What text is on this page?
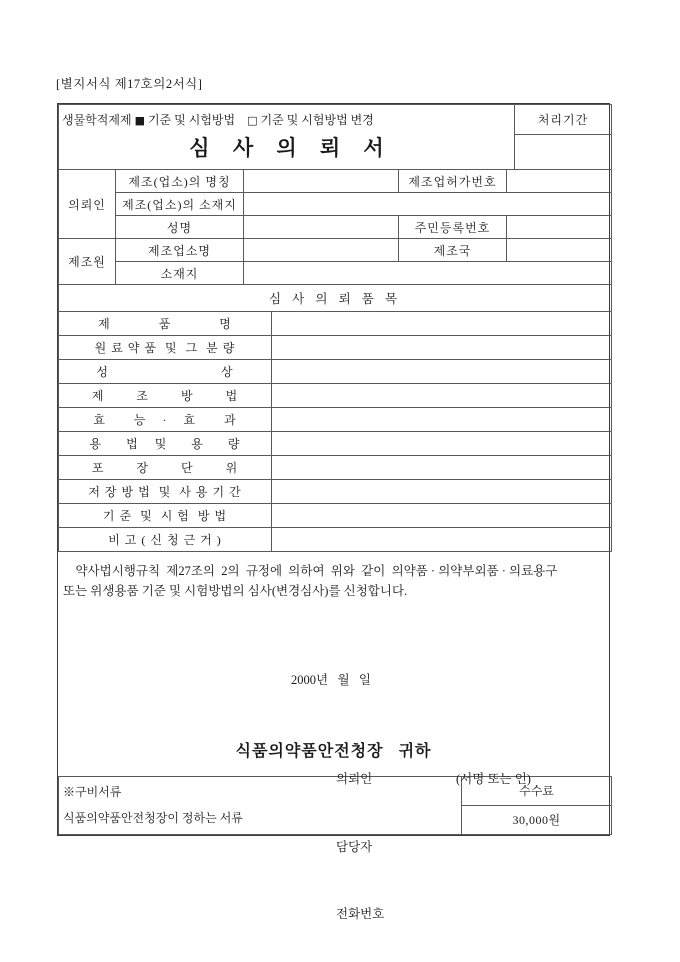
[별지서식 제17호의2서식]
생물학적제제 ■ 기준 및 시험방법 □ 기준 및 시험방법 변경
심 사 의 뢰 서
	처리기간

의뢰인	제조(업소)의 명칭		제조업허가번호	
	제조(업소)의 소재지			
	성명		주민등록번호	
제조원	제조업소명		제조국	
	소재지			
심 사 의 뢰 품 목	
제            품            명	
원 료 약 품  및  그  분 량	
성                            상	
제        조        방        법	
효       능    ·    효       과	
용      법    및      용      량	
포        장        단        위	
저 장 방 법  및  사 용 기 간	
기 준  및  시 험  방 법	
비 고 ( 신 청 근 거 )	
약사법시행규칙  제27조의  2의  규정에  의하여  위와  같이  의약품 · 의약부외품 · 의료용구
또는 위생용품 기준 및 시험방법의 심사(변경심사)를 신청합니다.

2000년   월   일

의뢰인	(서명 또는 인)

담당자

전화번호

식품의약품안전청장   귀하
※구비서류
식품의약품안전청장이 정하는 서류
	수수료
30,000원
